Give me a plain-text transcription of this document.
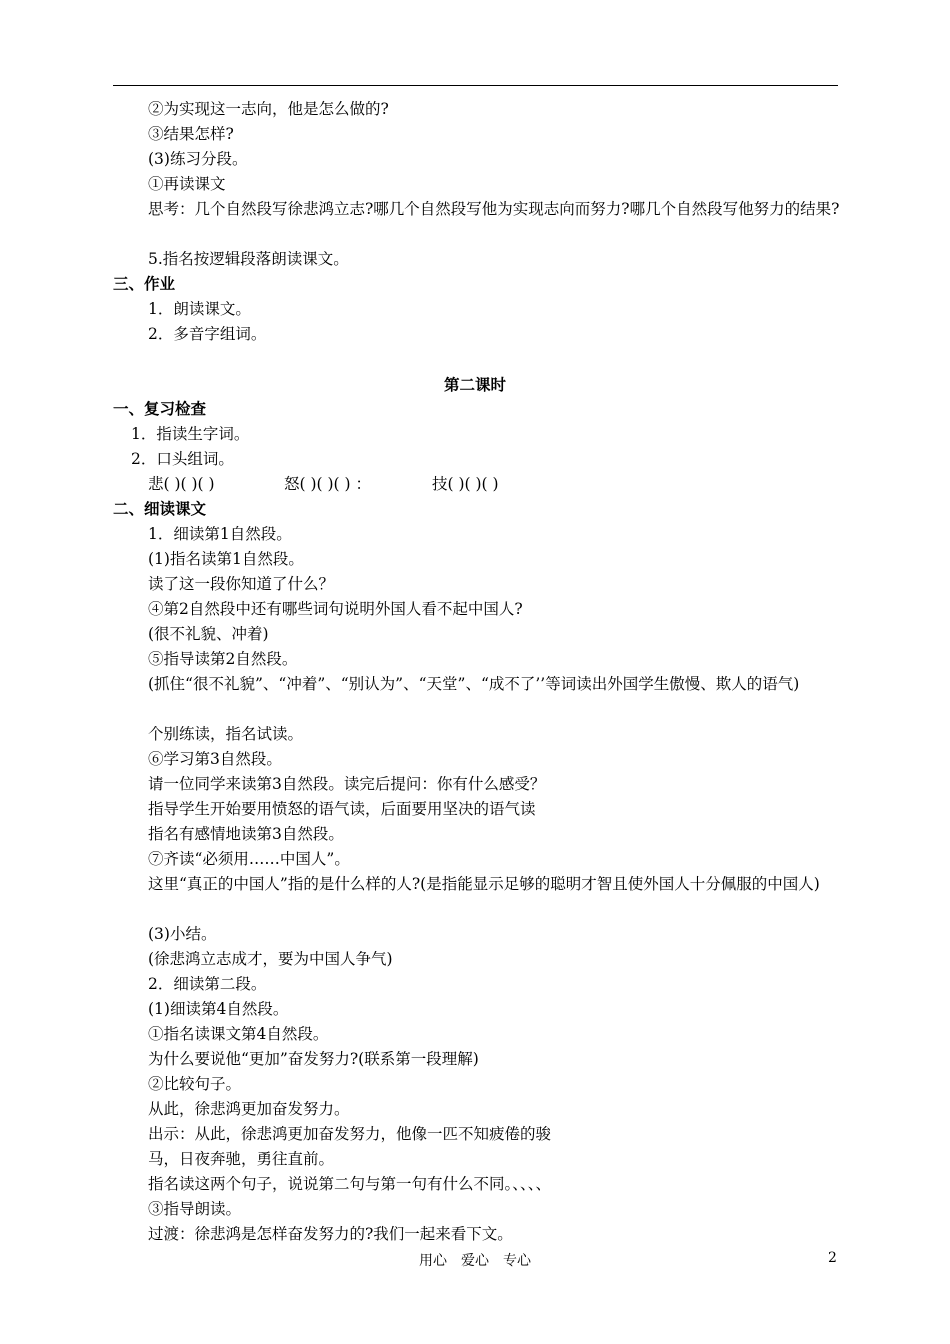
②为实现这一志向，他是怎么做的?
③结果怎样?
(3)练习分段。
①再读课文
思考：几个自然段写徐悲鸿立志?哪几个自然段写他为实现志向而努力?哪几个自然段写他努力的结果?
5.指名按逻辑段落朗读课文。
三、作业
1．朗读课文。
2．多音字组词。
第二课时
一、复习检查
1．指读生字词。
2．口头组词。
悲( )( )( )	怒( )( )( ) ：	技( )( )( )
二、细读课文
1．细读第1自然段。
(1)指名读第1自然段。
读了这一段你知道了什么？
④第2自然段中还有哪些词句说明外国人看不起中国人?
(很不礼貌、冲着)
⑤指导读第2自然段。
(抓住“很不礼貌”、“冲着”、“别认为”、“天堂”、“成不了’’等词读出外国学生傲慢、欺人的语气)
个别练读，指名试读。
⑥学习第3自然段。
请一位同学来读第3自然段。读完后提问：你有什么感受？
指导学生开始要用愤怒的语气读，后面要用坚决的语气读
指名有感情地读第3自然段。
⑦齐读“必须用……中国人”。
这里“真正的中国人”指的是什么样的人?(是指能显示足够的聪明才智且使外国人十分佩服的中国人)
(3)小结。
(徐悲鸿立志成才，要为中国人争气)
2．细读第二段。
(1)细读第4自然段。
①指名读课文第4自然段。
为什么要说他“更加”奋发努力?(联系第一段理解)
②比较句子。
从此，徐悲鸿更加奋发努力。
出示：从此，徐悲鸿更加奋发努力，他像一匹不知疲倦的骏
马，日夜奔驰，勇往直前。
指名读这两个句子，说说第二句与第一句有什么不同。、、、、
③指导朗读。
过渡：徐悲鸿是怎样奋发努力的?我们一起来看下文。
用心　爱心　专心	2
